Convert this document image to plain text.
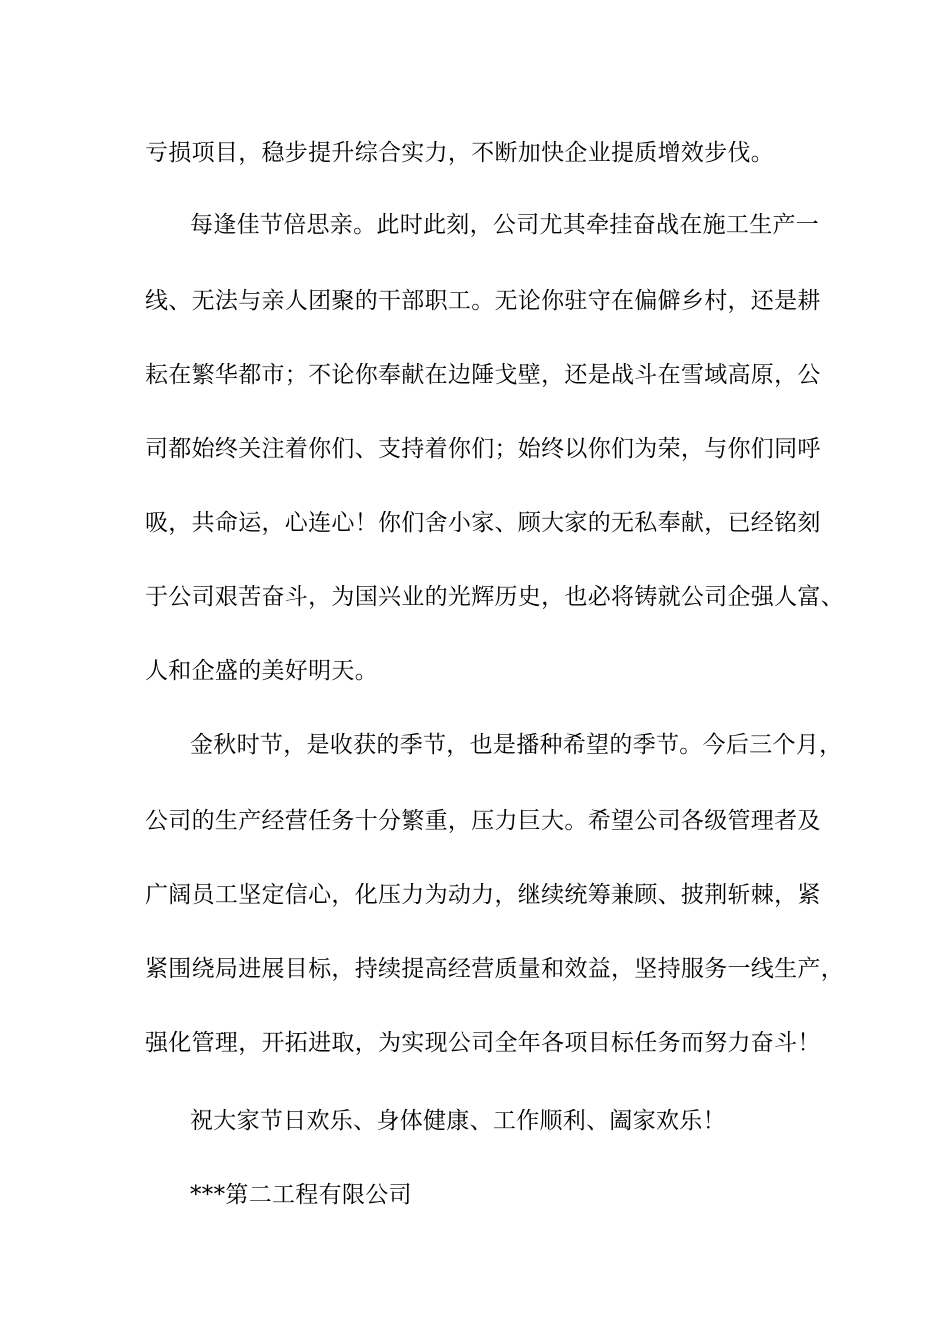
亏损项目，稳步提升综合实力，不断加快企业提质增效步伐。
每逢佳节倍思亲。此时此刻，公司尤其牵挂奋战在施工生产一
线、无法与亲人团聚的干部职工。无论你驻守在偏僻乡村，还是耕
耘在繁华都市；不论你奉献在边陲戈壁，还是战斗在雪域高原，公
司都始终关注着你们、支持着你们；始终以你们为荣，与你们同呼
吸，共命运，心连心！你们舍小家、顾大家的无私奉献，已经铭刻
于公司艰苦奋斗，为国兴业的光辉历史，也必将铸就公司企强人富、
人和企盛的美好明天。
金秋时节，是收获的季节，也是播种希望的季节。今后三个月，
公司的生产经营任务十分繁重，压力巨大。希望公司各级管理者及
广阔员工坚定信心，化压力为动力，继续统筹兼顾、披荆斩棘，紧
紧围绕局进展目标，持续提高经营质量和效益，坚持服务一线生产，
强化管理，开拓进取，为实现公司全年各项目标任务而努力奋斗！
祝大家节日欢乐、身体健康、工作顺利、阖家欢乐！
***第二工程有限公司
